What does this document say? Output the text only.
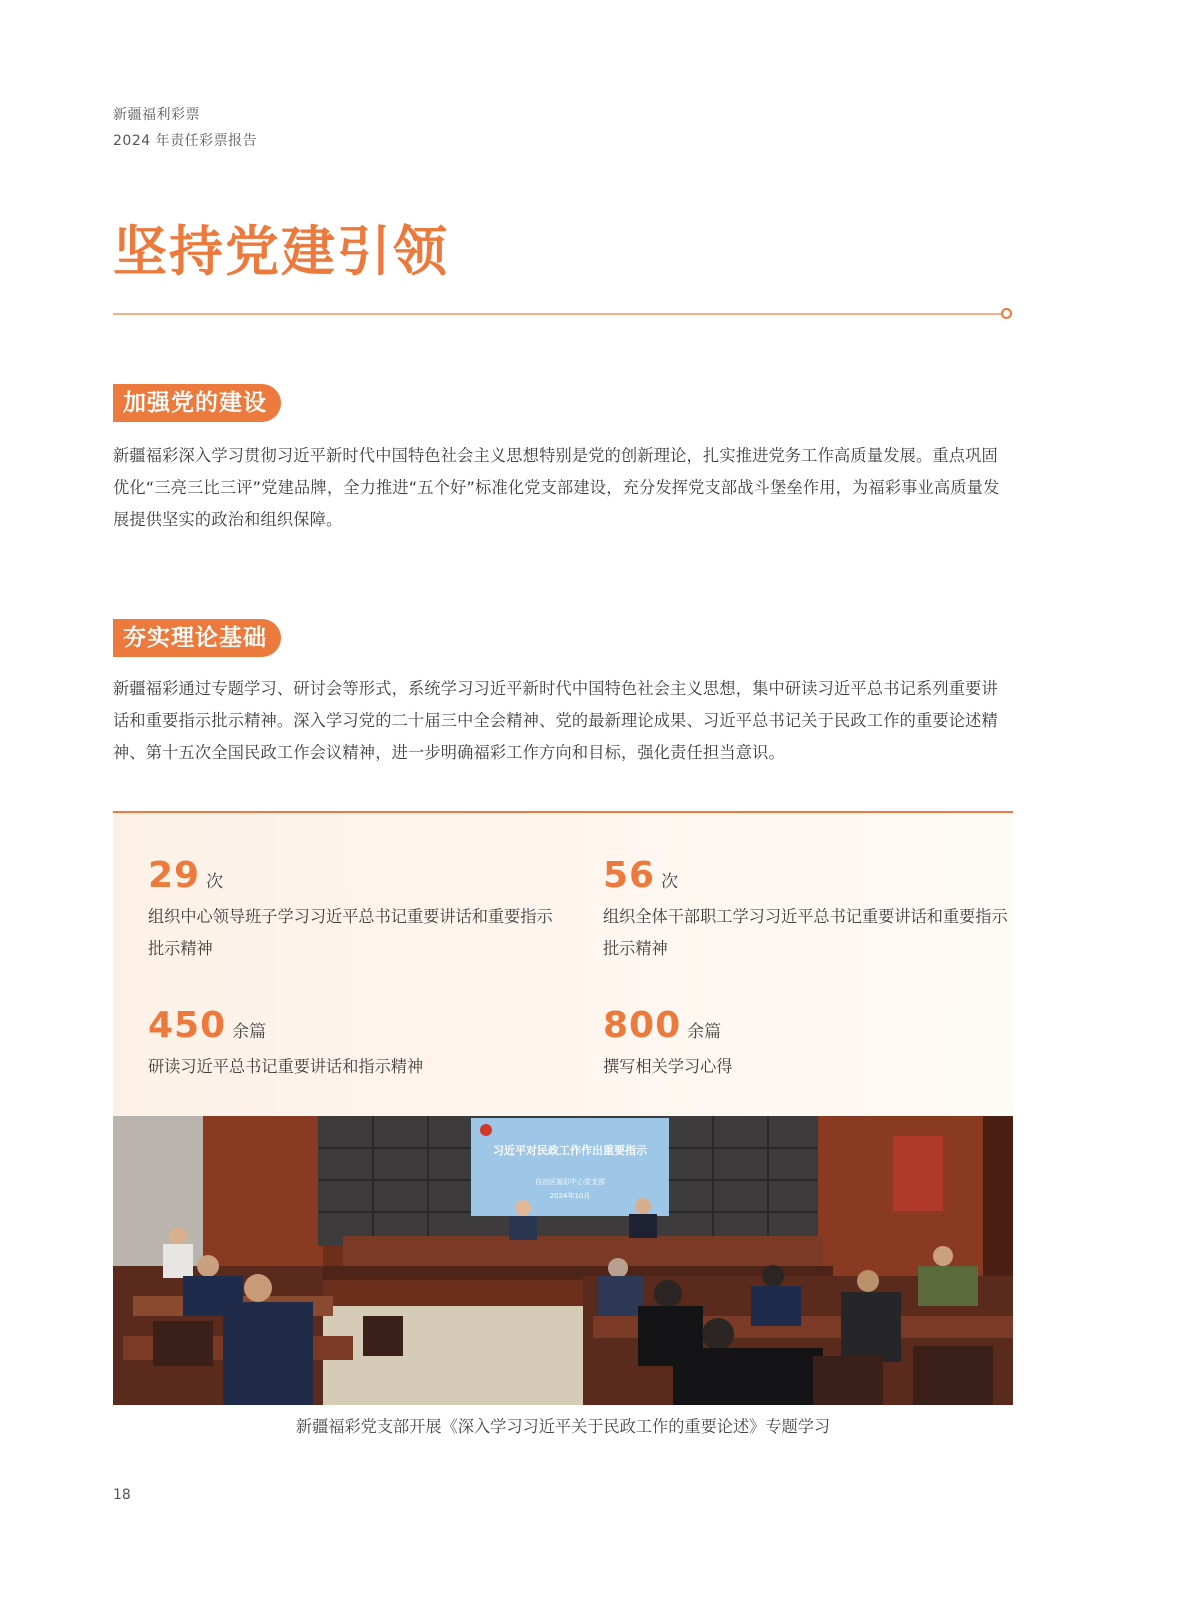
新疆福利彩票
2024 年责任彩票报告
坚持党建引领
加强党的建设

新疆福彩深入学习贯彻习近平新时代中国特色社会主义思想特别是党的创新理论，扎实推进党务工作高质量发展。重点巩固优化“三亮三比三评”党建品牌，全力推进“五个好”标准化党支部建设，充分发挥党支部战斗堡垒作用，为福彩事业高质量发展提供坚实的政治和组织保障。

夯实理论基础

新疆福彩通过专题学习、研讨会等形式，系统学习习近平新时代中国特色社会主义思想，集中研读习近平总书记系列重要讲话和重要指示批示精神。深入学习党的二十届三中全会精神、党的最新理论成果、习近平总书记关于民政工作的重要论述精神、第十五次全国民政工作会议精神，进一步明确福彩工作方向和目标，强化责任担当意识。

29 次
组织中心领导班子学习习近平总书记重要讲话和重要指示批示精神
56 次
组织全体干部职工学习习近平总书记重要讲话和重要指示批示精神
450 余篇
研读习近平总书记重要讲话和指示精神
800 余篇
撰写相关学习心得
习近平对民政工作作出重要指示
自治区福彩中心党支部
2024年10月
新疆福彩党支部开展《深入学习习近平关于民政工作的重要论述》专题学习
18
